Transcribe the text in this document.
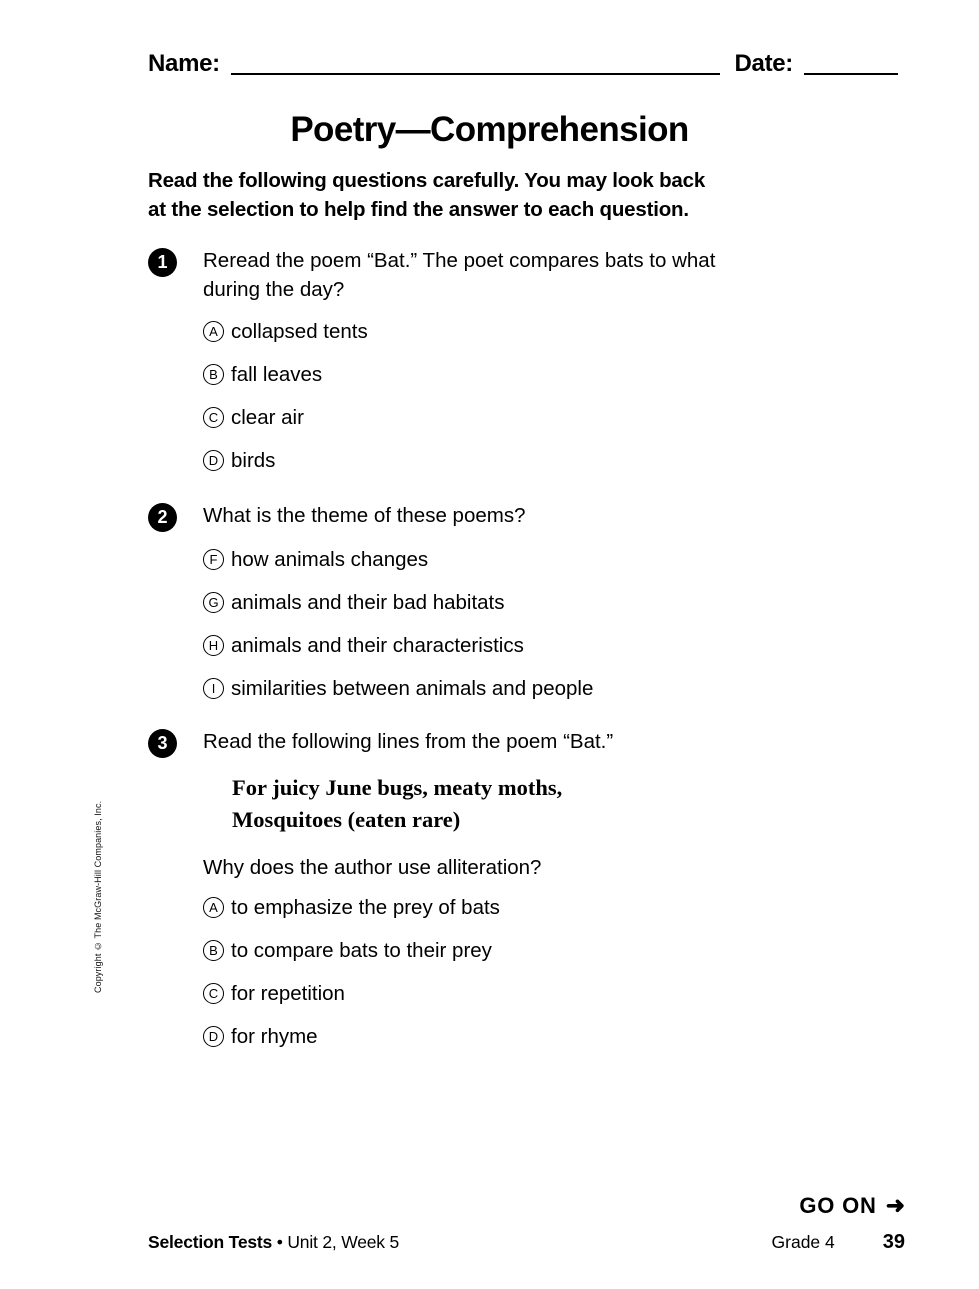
Name:	Date:
Poetry—Comprehension
Read the following questions carefully. You may look back
at the selection to help find the answer to each question.
1	Reread the poem “Bat.” The poet compares bats to what
during the day?
A collapsed tents
B fall leaves
C clear air
D birds
2	What is the theme of these poems?
F how animals changes
G animals and their bad habitats
H animals and their characteristics
I similarities between animals and people
3	Read the following lines from the poem “Bat.”
For juicy June bugs, meaty moths,
Mosquitoes (eaten rare)
Why does the author use alliteration?
A to emphasize the prey of bats
B to compare bats to their prey
C for repetition
D for rhyme
Copyright © The McGraw-Hill Companies, Inc.
GO ON ➜
Selection Tests • Unit 2, Week 5	Grade 4 39
